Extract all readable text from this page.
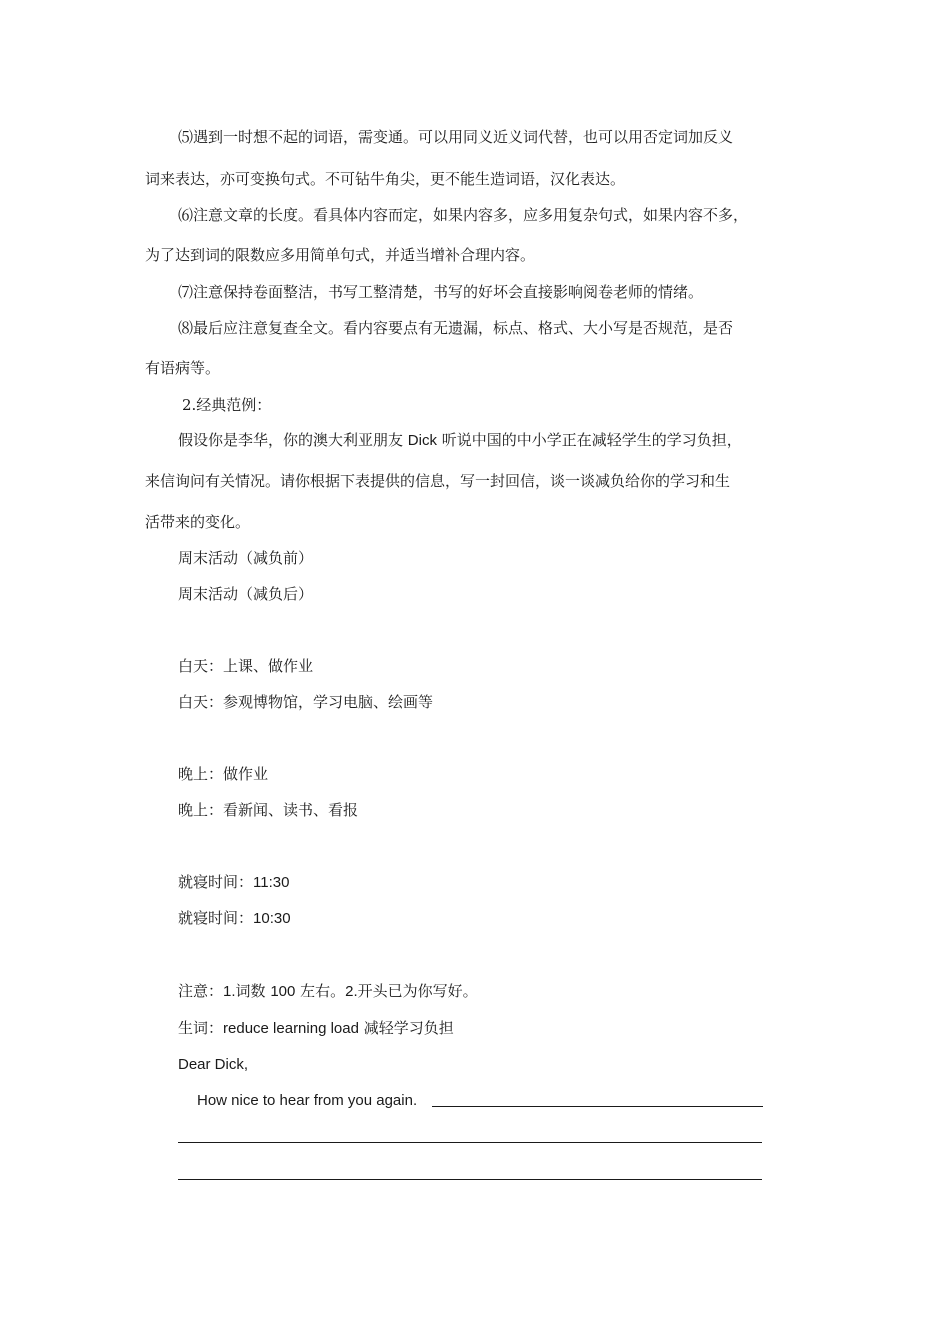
⑸遇到一时想不起的词语，需变通。可以用同义近义词代替，也可以用否定词加反义
词来表达，亦可变换句式。不可钻牛角尖，更不能生造词语，汉化表达。
⑹注意文章的长度。看具体内容而定，如果内容多，应多用复杂句式，如果内容不多，
为了达到词的限数应多用简单句式，并适当增补合理内容。
⑺注意保持卷面整洁，书写工整清楚，书写的好坏会直接影响阅卷老师的情绪。
⑻最后应注意复查全文。看内容要点有无遗漏，标点、格式、大小写是否规范，是否
有语病等。
2.经典范例：
假设你是李华，你的澳大利亚朋友 Dick 听说中国的中小学正在减轻学生的学习负担，
来信询问有关情况。请你根据下表提供的信息，写一封回信，谈一谈减负给你的学习和生
活带来的变化。
周末活动（减负前）
周末活动（减负后）
白天：上课、做作业
白天：参观博物馆，学习电脑、绘画等
晚上：做作业
晚上：看新闻、读书、看报
就寝时间：11:30
就寝时间：10:30
注意：1.词数 100 左右。2.开头已为你写好。
生词：reduce learning load 减轻学习负担
Dear Dick,
How nice to hear from you again.
